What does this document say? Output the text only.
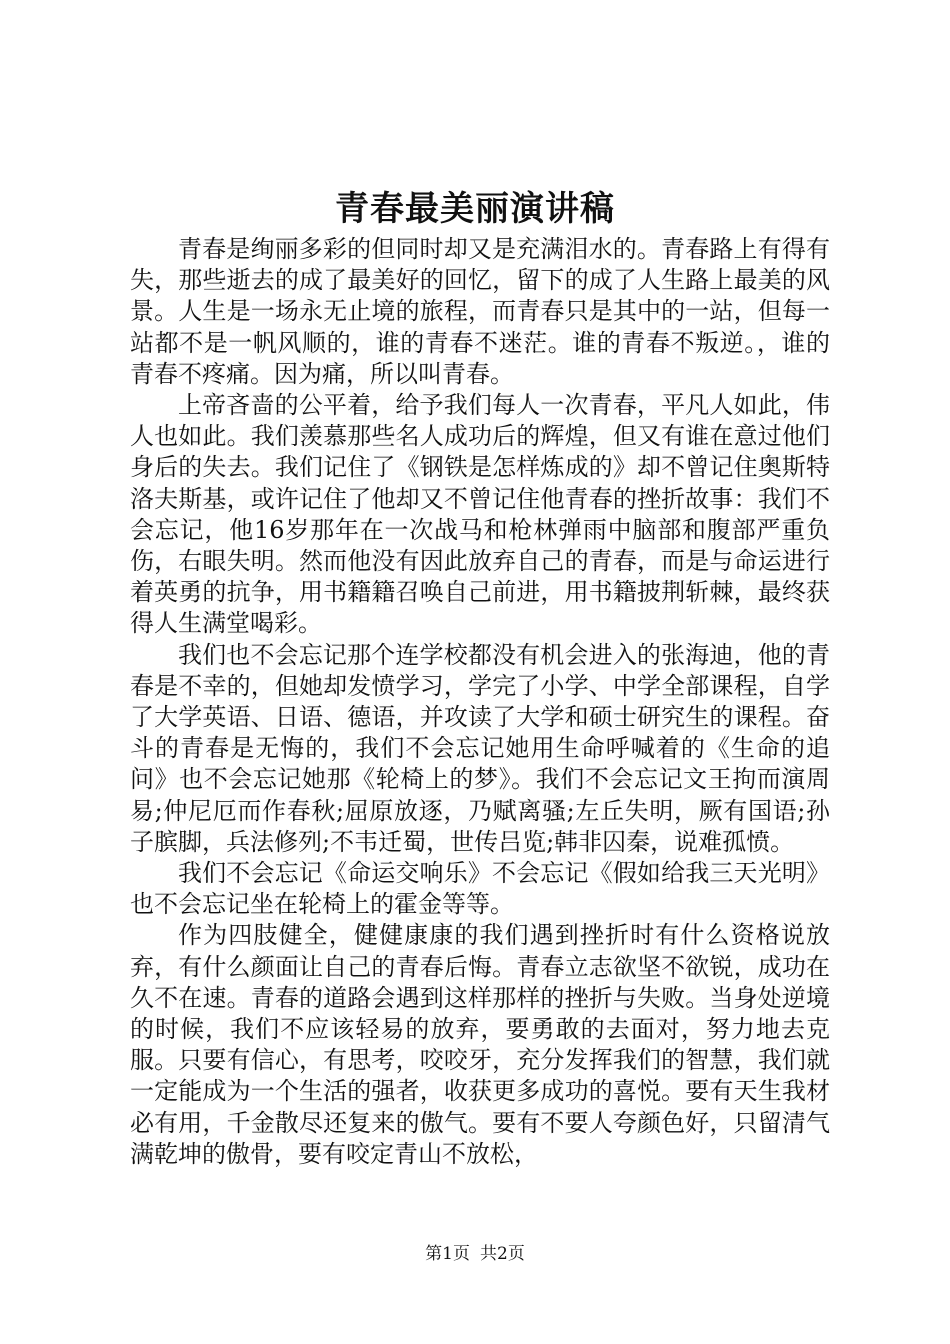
青春最美丽演讲稿

青春是绚丽多彩的但同时却又是充满泪水的。青春路上有得有失，那些逝去的成了最美好的回忆，留下的成了人生路上最美的风景。人生是一场永无止境的旅程，而青春只是其中的一站，但每一站都不是一帆风顺的，谁的青春不迷茫。谁的青春不叛逆。，谁的青春不疼痛。因为痛，所以叫青春。

上帝吝啬的公平着，给予我们每人一次青春，平凡人如此，伟人也如此。我们羡慕那些名人成功后的辉煌，但又有谁在意过他们身后的失去。我们记住了《钢铁是怎样炼成的》却不曾记住奥斯特洛夫斯基，或许记住了他却又不曾记住他青春的挫折故事：我们不会忘记，他16岁那年在一次战马和枪林弹雨中脑部和腹部严重负伤，右眼失明。然而他没有因此放弃自己的青春，而是与命运进行着英勇的抗争，用书籍籍召唤自己前进，用书籍披荆斩棘，最终获得人生满堂喝彩。

我们也不会忘记那个连学校都没有机会进入的张海迪，他的青春是不幸的，但她却发愤学习，学完了小学、中学全部课程，自学了大学英语、日语、德语，并攻读了大学和硕士研究生的课程。奋斗的青春是无悔的，我们不会忘记她用生命呼喊着的《生命的追问》也不会忘记她那《轮椅上的梦》。我们不会忘记文王拘而演周易;仲尼厄而作春秋;屈原放逐，乃赋离骚;左丘失明，厥有国语;孙子膑脚，兵法修列;不韦迁蜀，世传吕览;韩非囚秦，说难孤愤。

我们不会忘记《命运交响乐》不会忘记《假如给我三天光明》也不会忘记坐在轮椅上的霍金等等。

作为四肢健全，健健康康的我们遇到挫折时有什么资格说放弃，有什么颜面让自己的青春后悔。青春立志欲坚不欲锐，成功在久不在速。青春的道路会遇到这样那样的挫折与失败。当身处逆境的时候，我们不应该轻易的放弃，要勇敢的去面对，努力地去克服。只要有信心，有思考，咬咬牙，充分发挥我们的智慧，我们就一定能成为一个生活的强者，收获更多成功的喜悦。要有天生我材必有用，千金散尽还复来的傲气。要有不要人夸颜色好，只留清气满乾坤的傲骨，要有咬定青山不放松，

第1页 共2页
